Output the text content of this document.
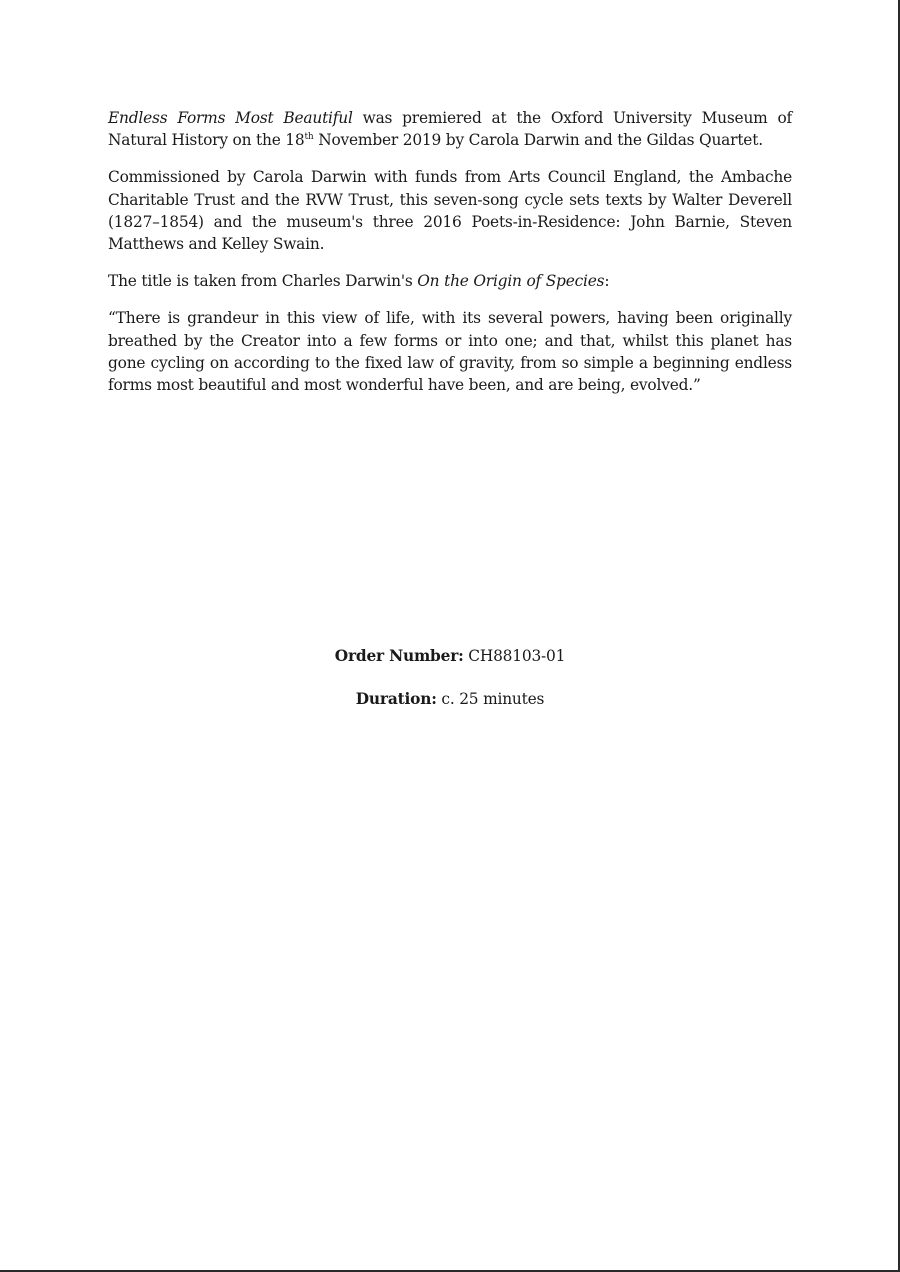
Endless Forms Most Beautiful was premiered at the Oxford University Museum of Natural History on the 18th November 2019 by Carola Darwin and the Gildas Quartet.

Commissioned by Carola Darwin with funds from Arts Council England, the Ambache Charitable Trust and the RVW Trust, this seven-song cycle sets texts by Walter Deverell (1827–1854) and the museum's three 2016 Poets-in-Residence: John Barnie, Steven Matthews and Kelley Swain.

The title is taken from Charles Darwin's On the Origin of Species:

“There is grandeur in this view of life, with its several powers, having been originally breathed by the Creator into a few forms or into one; and that, whilst this planet has gone cycling on according to the fixed law of gravity, from so simple a beginning endless forms most beautiful and most wonderful have been, and are being, evolved.”

Order Number: CH88103-01
Duration: c. 25 minutes
